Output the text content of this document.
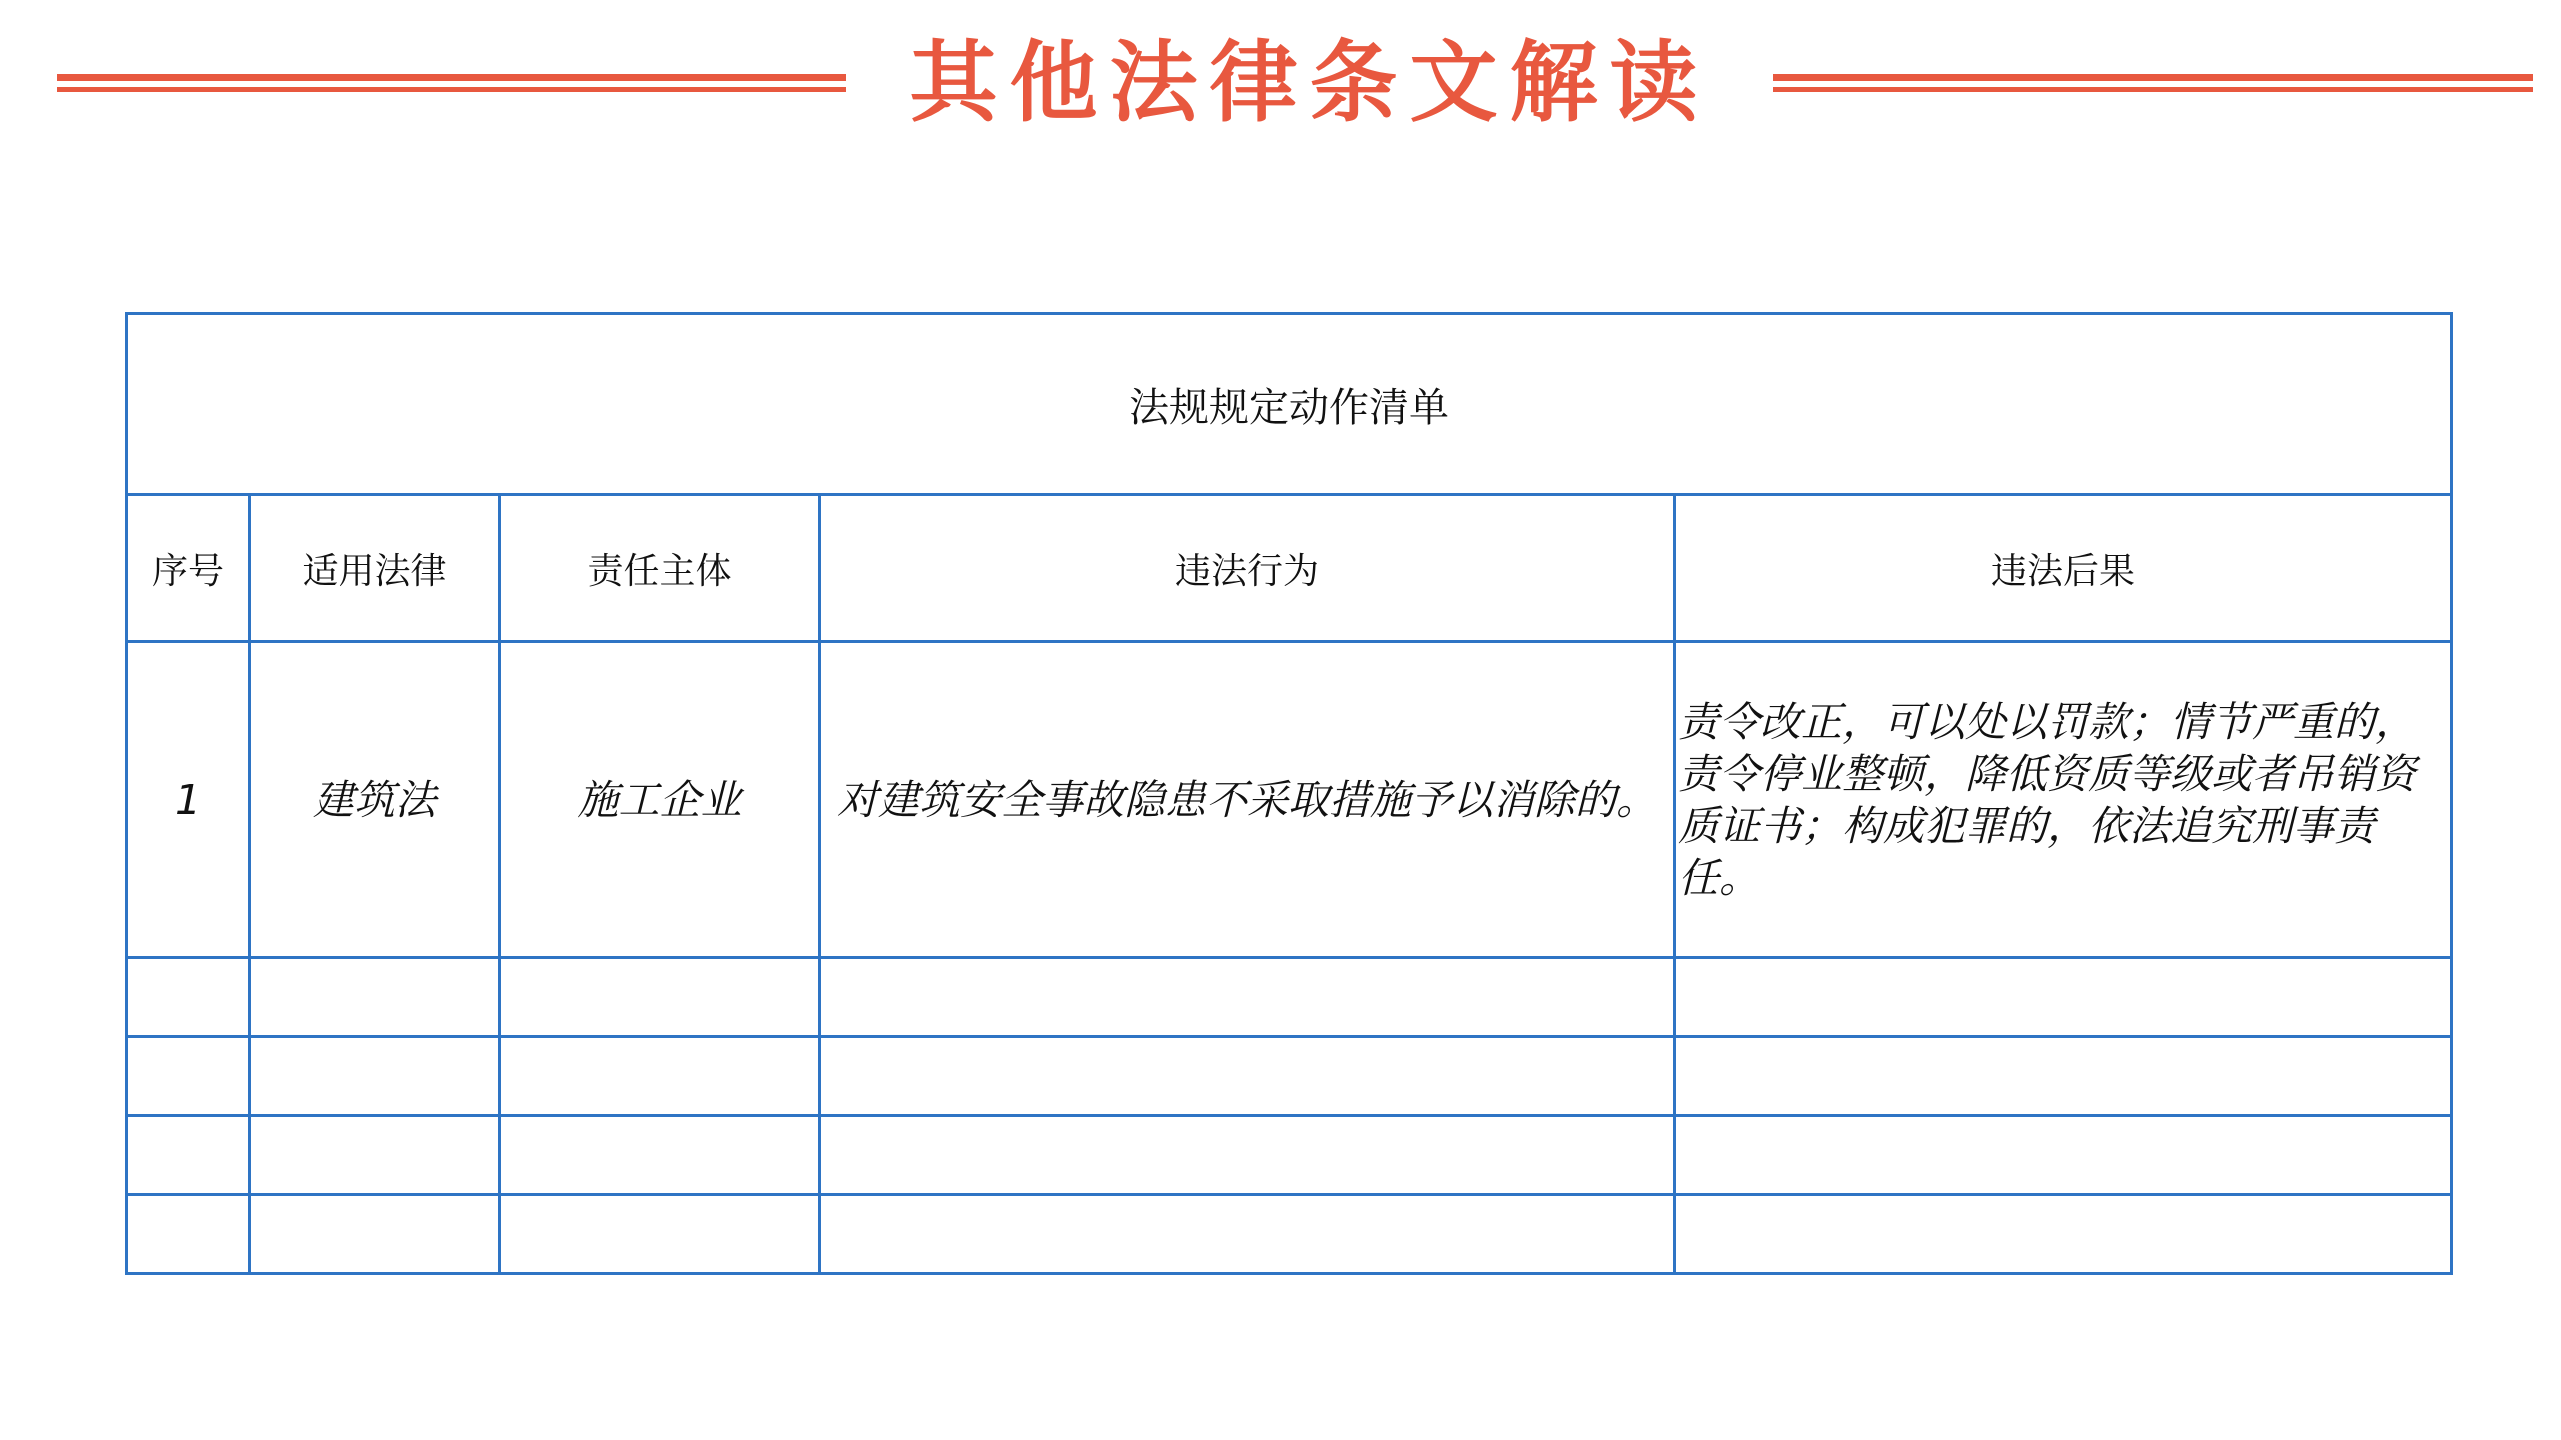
其他法律条文解读
法规规定动作清单				
序号	适用法律	责任主体	违法行为	违法后果
1	建筑法	施工企业	对建筑安全事故隐患不采取措施予以消除的。	责令改正，可以处以罚款；情节严重的，责令停业整顿，降低资质等级或者吊销资质证书；构成犯罪的，依法追究刑事责任。
